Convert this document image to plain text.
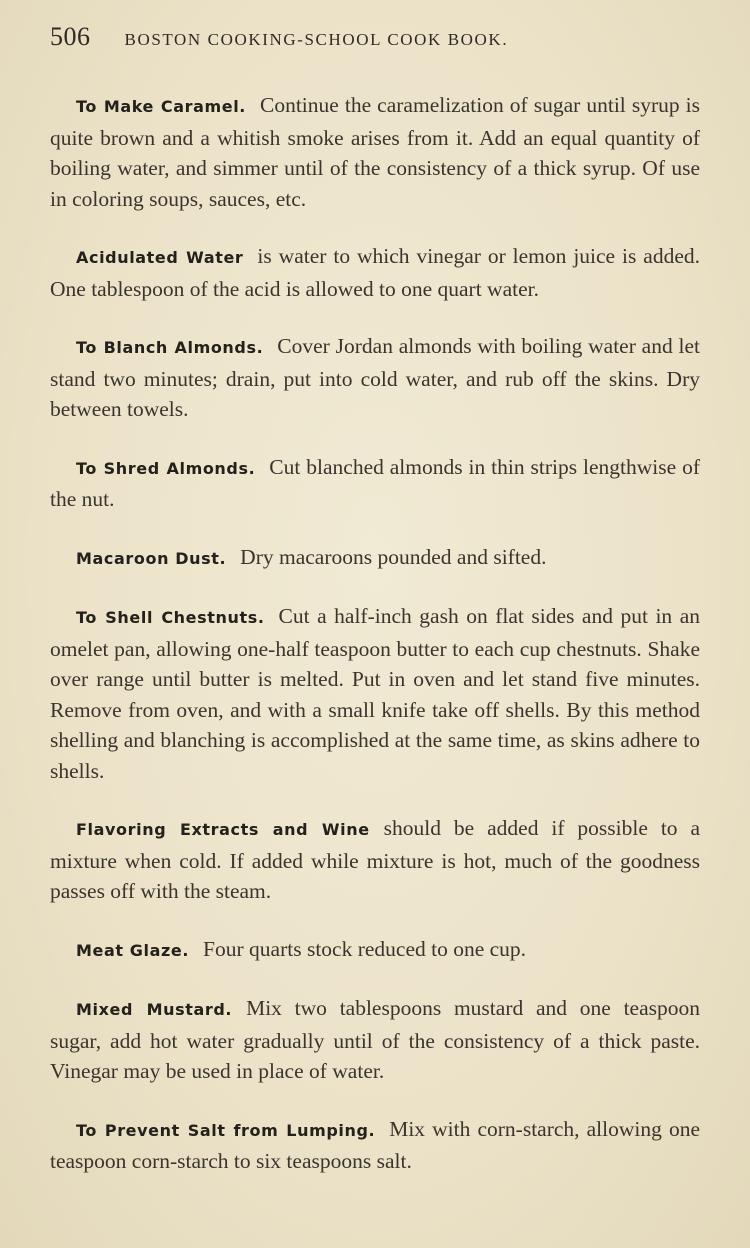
506 BOSTON COOKING-SCHOOL COOK BOOK.

To Make Caramel. Continue the caramelization of sugar until syrup is quite brown and a whitish smoke arises from it. Add an equal quantity of boiling water, and simmer until of the consistency of a thick syrup. Of use in coloring soups, sauces, etc.

Acidulated Water is water to which vinegar or lemon juice is added. One tablespoon of the acid is allowed to one quart water.

To Blanch Almonds. Cover Jordan almonds with boiling water and let stand two minutes; drain, put into cold water, and rub off the skins. Dry between towels.

To Shred Almonds. Cut blanched almonds in thin strips lengthwise of the nut.

Macaroon Dust. Dry macaroons pounded and sifted.

To Shell Chestnuts. Cut a half-inch gash on flat sides and put in an omelet pan, allowing one-half teaspoon butter to each cup chestnuts. Shake over range until butter is melted. Put in oven and let stand five minutes. Remove from oven, and with a small knife take off shells. By this method shelling and blanching is accomplished at the same time, as skins adhere to shells.

Flavoring Extracts and Wine should be added if possible to a mixture when cold. If added while mixture is hot, much of the goodness passes off with the steam.

Meat Glaze. Four quarts stock reduced to one cup.

Mixed Mustard. Mix two tablespoons mustard and one teaspoon sugar, add hot water gradually until of the consistency of a thick paste. Vinegar may be used in place of water.

To Prevent Salt from Lumping. Mix with corn-starch, allowing one teaspoon corn-starch to six teaspoons salt.
